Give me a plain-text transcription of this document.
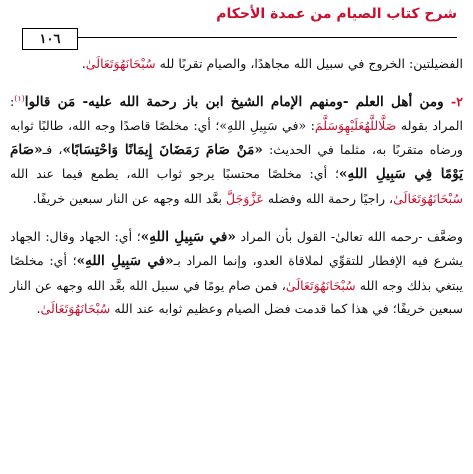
شرح كتاب الصيام من عمدة الأحكام
١٠٦

الفضيلتين: الخروج في سبيل الله مجاهدًا، والصيام تقربًا لله سُبْحَانَهُوَتَعَالَىٰ.

٢- ومن أهل العلم -ومنهم الإمام الشيخ ابن باز رحمة الله عليه- مَن قالوا$^{(١)}$: المراد بقوله صَلَّاللَّهُعَلَيْهِوَسَلَّمَ: «في سَبِيلِ اللهِ»؛ أي: مخلصًا قاصدًا وجه الله، طالبًا ثوابه ورضاه متقربًا به، مثلما في الحديث: «مَنْ صَامَ رَمَضَانَ إِيمَانًا وَاحْتِسَابًا»، فـ«صَامَ يَوْمًا فِي سَبِيلِ اللهِ»؛ أي: مخلصًا محتسبًا يرجو ثواب الله، يطمع فيما عند الله سُبْحَانَهُوَتَعَالَىٰ، راجيًا رحمة الله وفضله عَزَّوَجَلَّ بعَّد الله وجهه عن النار سبعين خريفًا.

وضعَّف -رحمه الله تعالىٰ- القول بأن المراد «في سَبِيلِ اللهِ»؛ أي: الجهاد وقال: الجهاد يشرع فيه الإفطار للتقوِّي لملاقاة العدو، وإنما المراد بـ«في سَبِيلِ اللهِ»؛ أي: مخلصًا يبتغي بذلك وجه الله سُبْحَانَهُوَتَعَالَىٰ، فمن صام يومًا في سبيل الله بعَّد الله وجهه عن النار سبعين خريفًا؛ في هذا كما قدمت فضل الصيام وعظيم ثوابه عند الله سُبْحَانَهُوَتَعَالَىٰ.
